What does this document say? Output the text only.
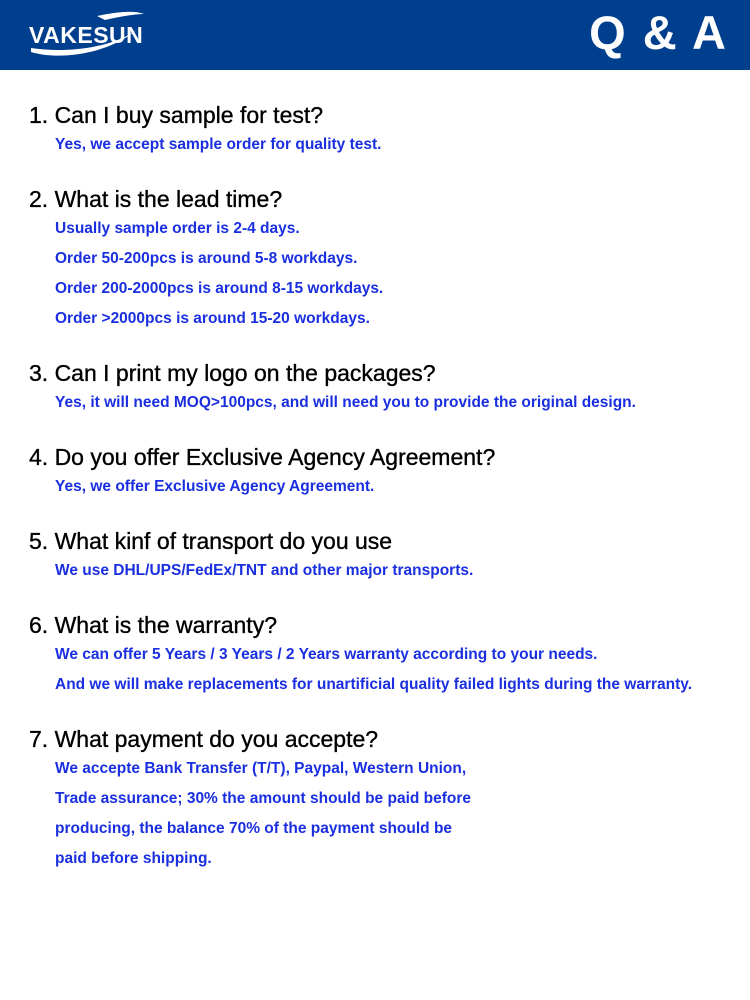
VAKESUN	Q & A
1. Can I buy sample for test?
Yes, we accept sample order for quality test.
2. What is the lead time?
Usually sample order is 2-4 days.
Order 50-200pcs is around 5-8 workdays.
Order 200-2000pcs is around 8-15 workdays.
Order >2000pcs is around 15-20 workdays.
3. Can I print my logo on the packages?
Yes, it will need MOQ>100pcs, and will need you to provide the original design.
4. Do you offer Exclusive Agency Agreement?
Yes, we offer Exclusive Agency Agreement.
5. What kinf of transport do you use
We use DHL/UPS/FedEx/TNT and other major transports.
6. What is the warranty?
We can offer 5 Years / 3 Years / 2 Years warranty according to your needs.
And we will make replacements for unartificial quality failed lights during the warranty.
7. What payment do you accepte?
We accepte Bank Transfer (T/T), Paypal, Western Union,
Trade assurance; 30% the amount should be paid before
producing, the balance 70% of the payment should be
paid before shipping.
